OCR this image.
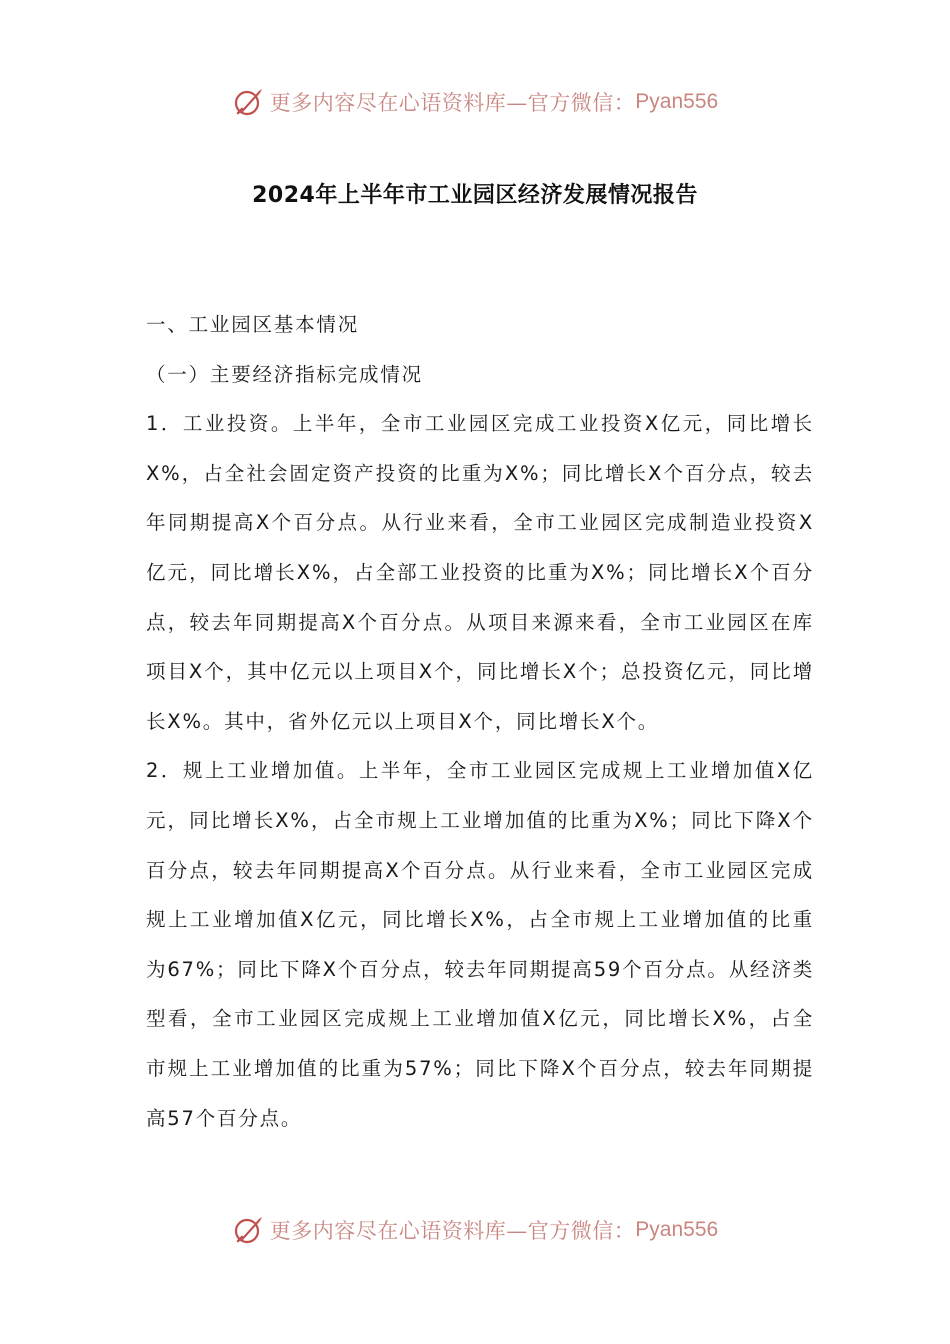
更多内容尽在心语资料库—官方微信： Pyan556
2024年上半年市工业园区经济发展情况报告

一、工业园区基本情况

（一）主要经济指标完成情况

1．工业投资。上半年，全市工业园区完成工业投资X亿元，同比增长X%，占全社会固定资产投资的比重为X%；同比增长X个百分点，较去年同期提高X个百分点。从行业来看，全市工业园区完成制造业投资X亿元，同比增长X%，占全部工业投资的比重为X%；同比增长X个百分点，较去年同期提高X个百分点。从项目来源来看，全市工业园区在库项目X个，其中亿元以上项目X个，同比增长X个；总投资亿元，同比增长X%。其中，省外亿元以上项目X个，同比增长X个。

2．规上工业增加值。上半年，全市工业园区完成规上工业增加值X亿元，同比增长X%，占全市规上工业增加值的比重为X%；同比下降X个百分点，较去年同期提高X个百分点。从行业来看，全市工业园区完成规上工业增加值X亿元，同比增长X%，占全市规上工业增加值的比重为67%；同比下降X个百分点，较去年同期提高59个百分点。从经济类型看，全市工业园区完成规上工业增加值X亿元，同比增长X%，占全市规上工业增加值的比重为57%；同比下降X个百分点，较去年同期提高57个百分点。

更多内容尽在心语资料库—官方微信： Pyan556
